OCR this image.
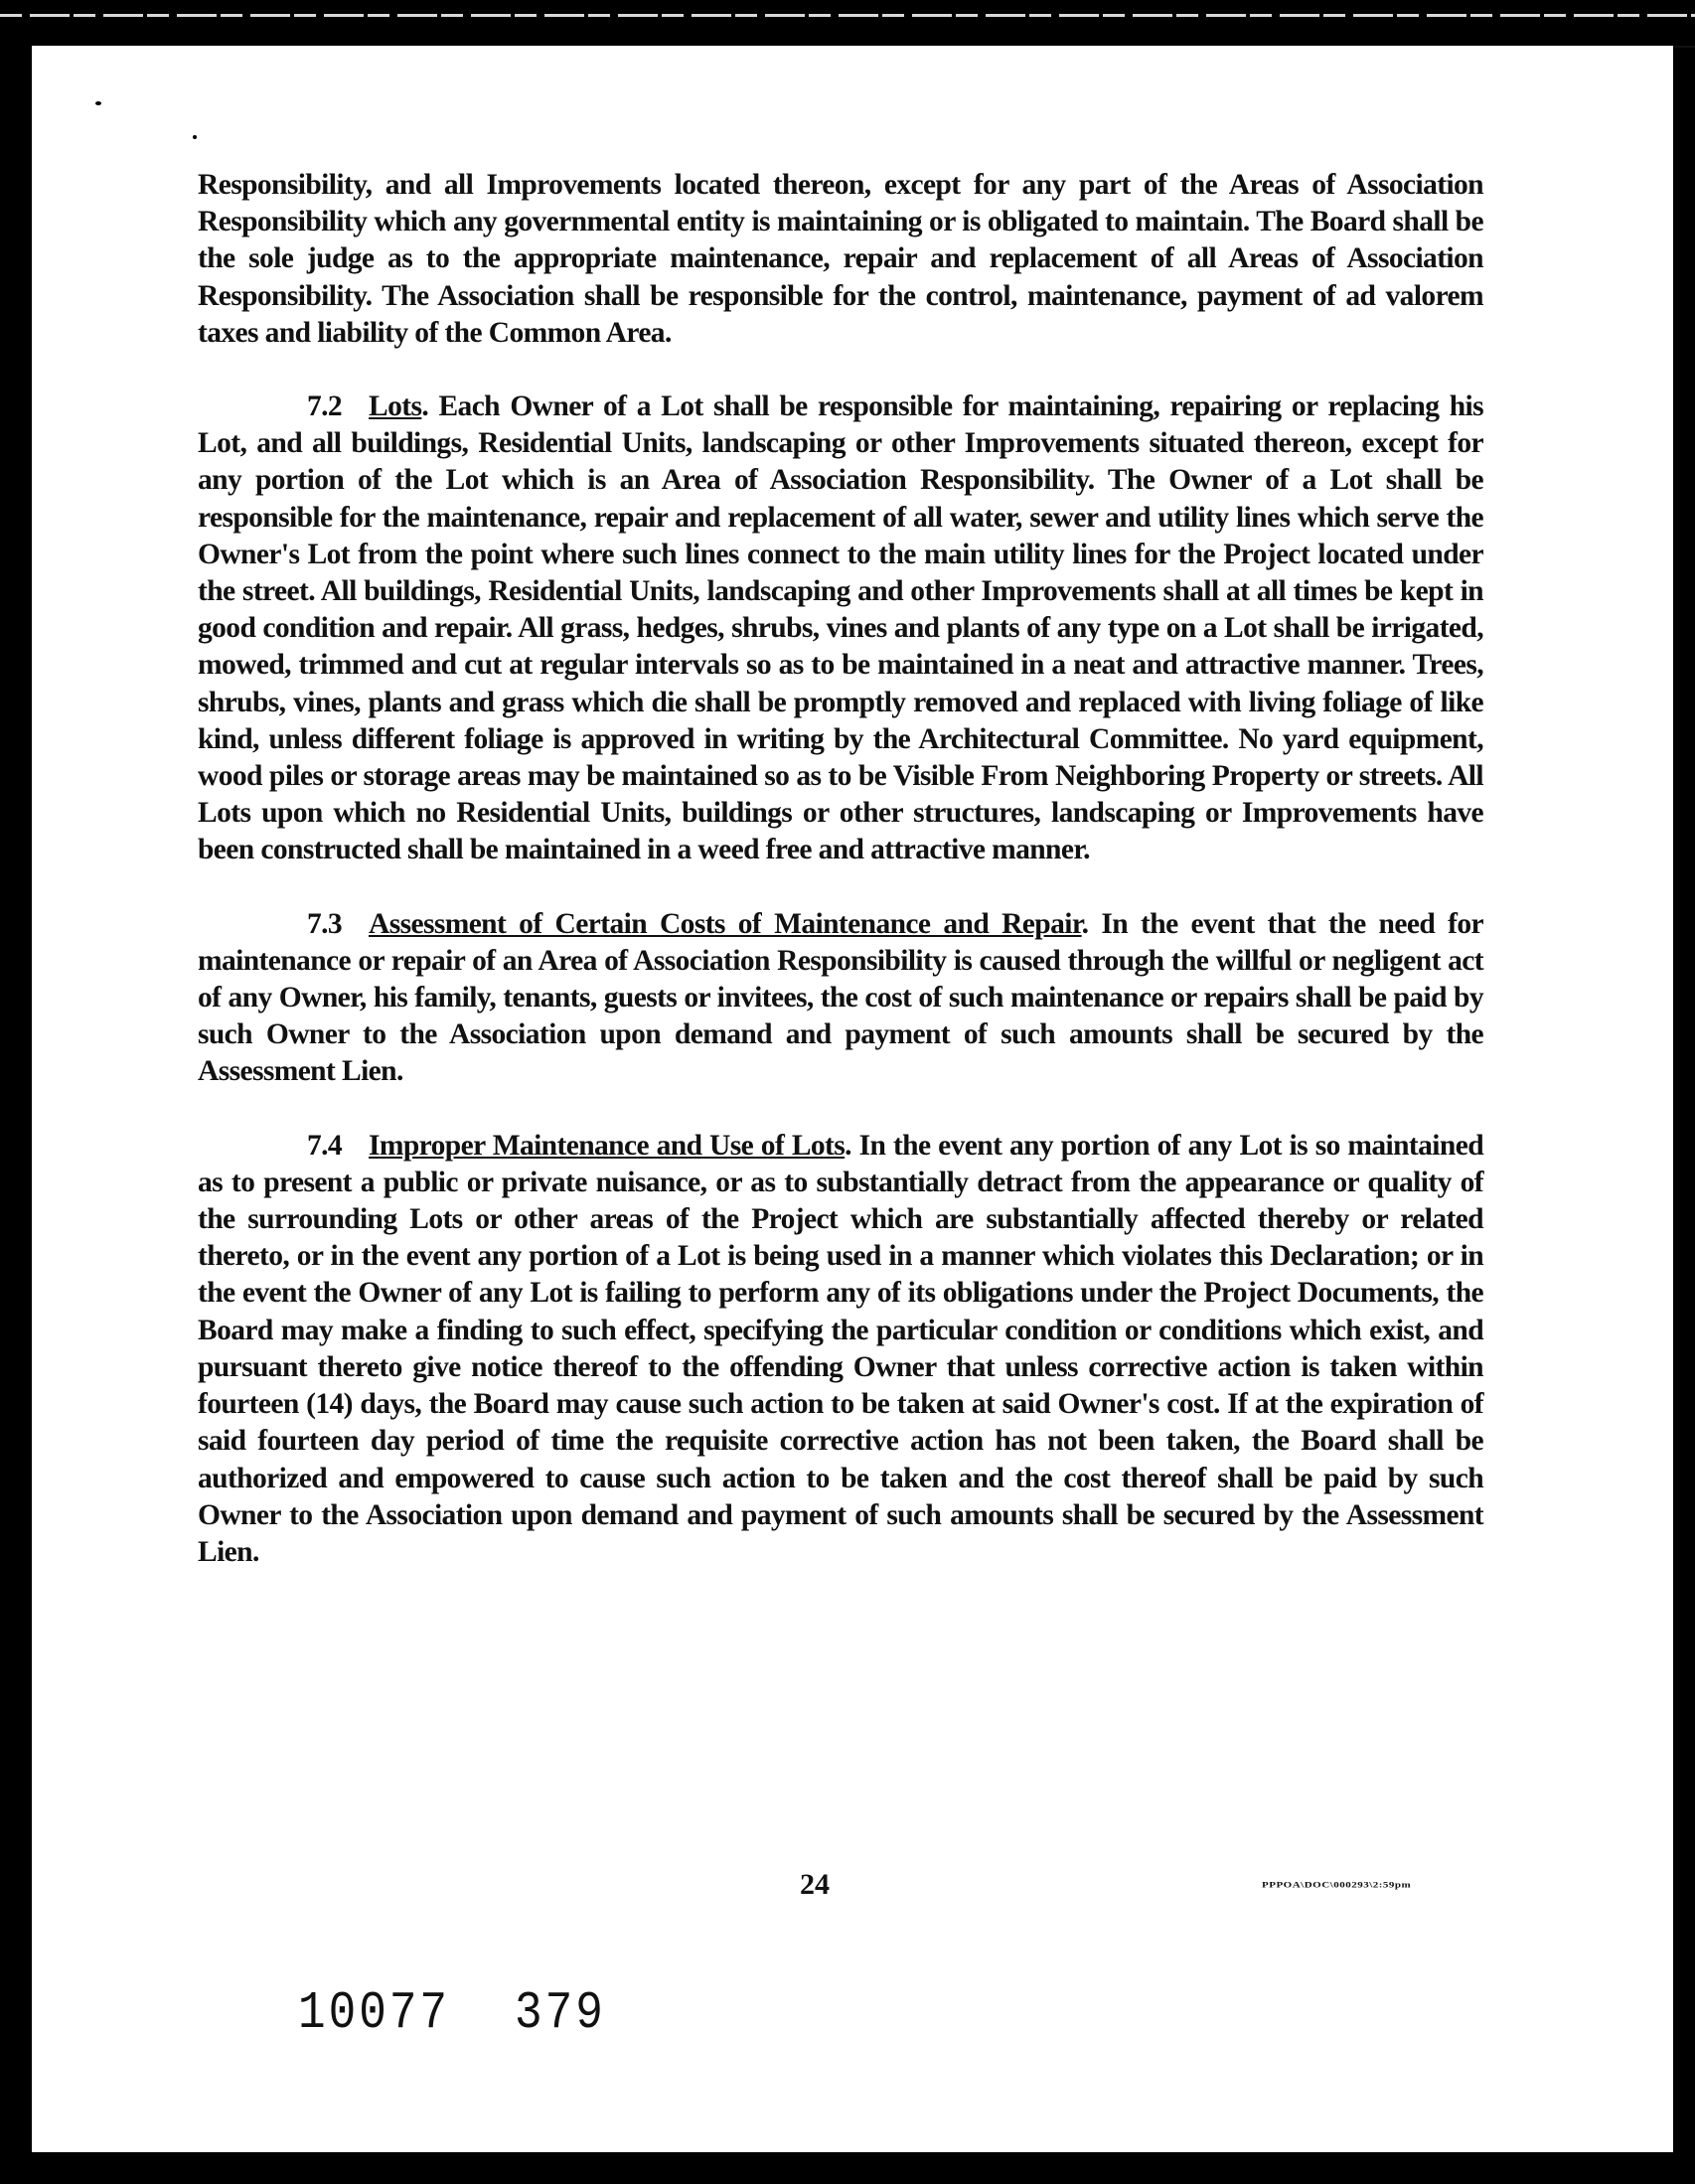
Responsibility, and all Improvements located thereon, except for any part of the Areas of Association Responsibility which any governmental entity is maintaining or is obligated to maintain. The Board shall be the sole judge as to the appropriate maintenance, repair and replacement of all Areas of Association Responsibility. The Association shall be responsible for the control, maintenance, payment of ad valorem taxes and liability of the Common Area.

7.2 Lots. Each Owner of a Lot shall be responsible for maintaining, repairing or replacing his Lot, and all buildings, Residential Units, landscaping or other Improvements situated thereon, except for any portion of the Lot which is an Area of Association Responsibility. The Owner of a Lot shall be responsible for the maintenance, repair and replacement of all water, sewer and utility lines which serve the Owner's Lot from the point where such lines connect to the main utility lines for the Project located under the street. All buildings, Residential Units, landscaping and other Improvements shall at all times be kept in good condition and repair. All grass, hedges, shrubs, vines and plants of any type on a Lot shall be irrigated, mowed, trimmed and cut at regular intervals so as to be maintained in a neat and attractive manner. Trees, shrubs, vines, plants and grass which die shall be promptly removed and replaced with living foliage of like kind, unless different foliage is approved in writing by the Architectural Committee. No yard equipment, wood piles or storage areas may be maintained so as to be Visible From Neighboring Property or streets. All Lots upon which no Residential Units, buildings or other structures, landscaping or Improvements have been constructed shall be maintained in a weed free and attractive manner.

7.3 Assessment of Certain Costs of Maintenance and Repair. In the event that the need for maintenance or repair of an Area of Association Responsibility is caused through the willful or negligent act of any Owner, his family, tenants, guests or invitees, the cost of such maintenance or repairs shall be paid by such Owner to the Association upon demand and payment of such amounts shall be secured by the Assessment Lien.

7.4 Improper Maintenance and Use of Lots. In the event any portion of any Lot is so maintained as to present a public or private nuisance, or as to substantially detract from the appearance or quality of the surrounding Lots or other areas of the Project which are substantially affected thereby or related thereto, or in the event any portion of a Lot is being used in a manner which violates this Declaration; or in the event the Owner of any Lot is failing to perform any of its obligations under the Project Documents, the Board may make a finding to such effect, specifying the particular condition or conditions which exist, and pursuant thereto give notice thereof to the offending Owner that unless corrective action is taken within fourteen (14) days, the Board may cause such action to be taken at said Owner's cost. If at the expiration of said fourteen day period of time the requisite corrective action has not been taken, the Board shall be authorized and empowered to cause such action to be taken and the cost thereof shall be paid by such Owner to the Association upon demand and payment of such amounts shall be secured by the Assessment Lien.

24	PPPOA\DOC\000293\2:59pm
10077 379
